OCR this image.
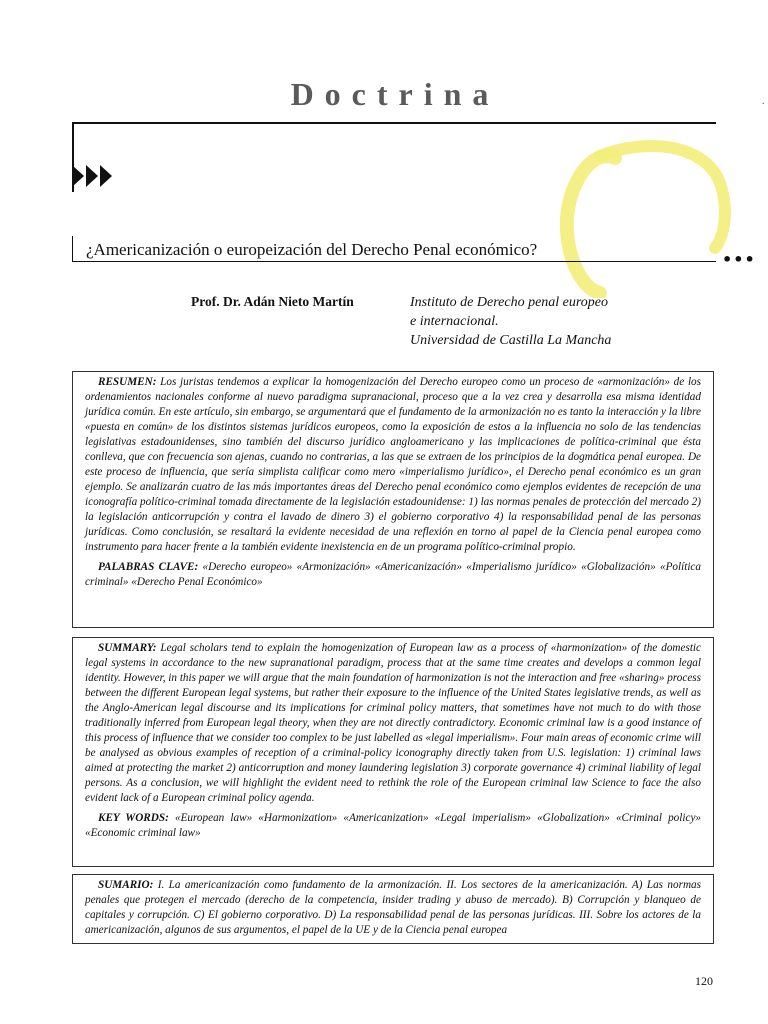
Doctrina	.
¿Americanización o europeización del Derecho Penal económico?
•••
Prof. Dr. Adán Nieto Martín	Instituto de Derecho penal europeo
e internacional.
Universidad de Castilla La Mancha

RESUMEN: Los juristas tendemos a explicar la homogenización del Derecho europeo como un proceso de «armonización» de los ordenamientos nacionales conforme al nuevo paradigma supranacional, proceso que a la vez crea y desarrolla esa misma identidad jurídica común. En este artículo, sin embargo, se argumentará que el fundamento de la armonización no es tanto la interacción y la libre «puesta en común» de los distintos sistemas jurídicos europeos, como la exposición de estos a la influencia no solo de las tendencias legislativas estadounidenses, sino también del discurso jurídico angloamericano y las implicaciones de política-criminal que ésta conlleva, que con frecuencia son ajenas, cuando no contrarias, a las que se extraen de los principios de la dogmática penal europea. De este proceso de influencia, que sería simplista calificar como mero «imperialismo jurídico», el Derecho penal económico es un gran ejemplo. Se analizarán cuatro de las más importantes áreas del Derecho penal económico como ejemplos evidentes de recepción de una iconografía político-criminal tomada directamente de la legislación estadounidense: 1) las normas penales de protección del mercado 2) la legislación anticorrupción y contra el lavado de dinero 3) el gobierno corporativo 4) la responsabilidad penal de las personas jurídicas. Como conclusión, se resaltará la evidente necesidad de una reflexión en torno al papel de la Ciencia penal europea como instrumento para hacer frente a la también evidente inexistencia en de un programa político-criminal propio.

PALABRAS CLAVE: «Derecho europeo» «Armonización» «Americanización» «Imperialismo jurídico» «Globalización» «Política criminal» «Derecho Penal Económico»

SUMMARY: Legal scholars tend to explain the homogenization of European law as a process of «harmonization» of the domestic legal systems in accordance to the new supranational paradigm, process that at the same time creates and develops a common legal identity. However, in this paper we will argue that the main foundation of harmonization is not the interaction and free «sharing» process between the different European legal systems, but rather their exposure to the influence of the United States legislative trends, as well as the Anglo-American legal discourse and its implications for criminal policy matters, that sometimes have not much to do with those traditionally inferred from European legal theory, when they are not directly contradictory. Economic criminal law is a good instance of this process of influence that we consider too complex to be just labelled as «legal imperialism». Four main areas of economic crime will be analysed as obvious examples of reception of a criminal-policy iconography directly taken from U.S. legislation: 1) criminal laws aimed at protecting the market 2) anticorruption and money laundering legislation 3) corporate governance 4) criminal liability of legal persons. As a conclusion, we will highlight the evident need to rethink the role of the European criminal law Science to face the also evident lack of a European criminal policy agenda.

KEY WORDS: «European law» «Harmonization» «Americanization» «Legal imperialism» «Globalization» «Criminal policy» «Economic criminal law»

SUMARIO: I. La americanización como fundamento de la armonización. II. Los sectores de la americanización. A) Las normas penales que protegen el mercado (derecho de la competencia, insider trading y abuso de mercado). B) Corrupción y blanqueo de capitales y corrupción. C) El gobierno corporativo. D) La responsabilidad penal de las personas jurídicas. III. Sobre los actores de la americanización, algunos de sus argumentos, el papel de la UE y de la Ciencia penal europea

120
